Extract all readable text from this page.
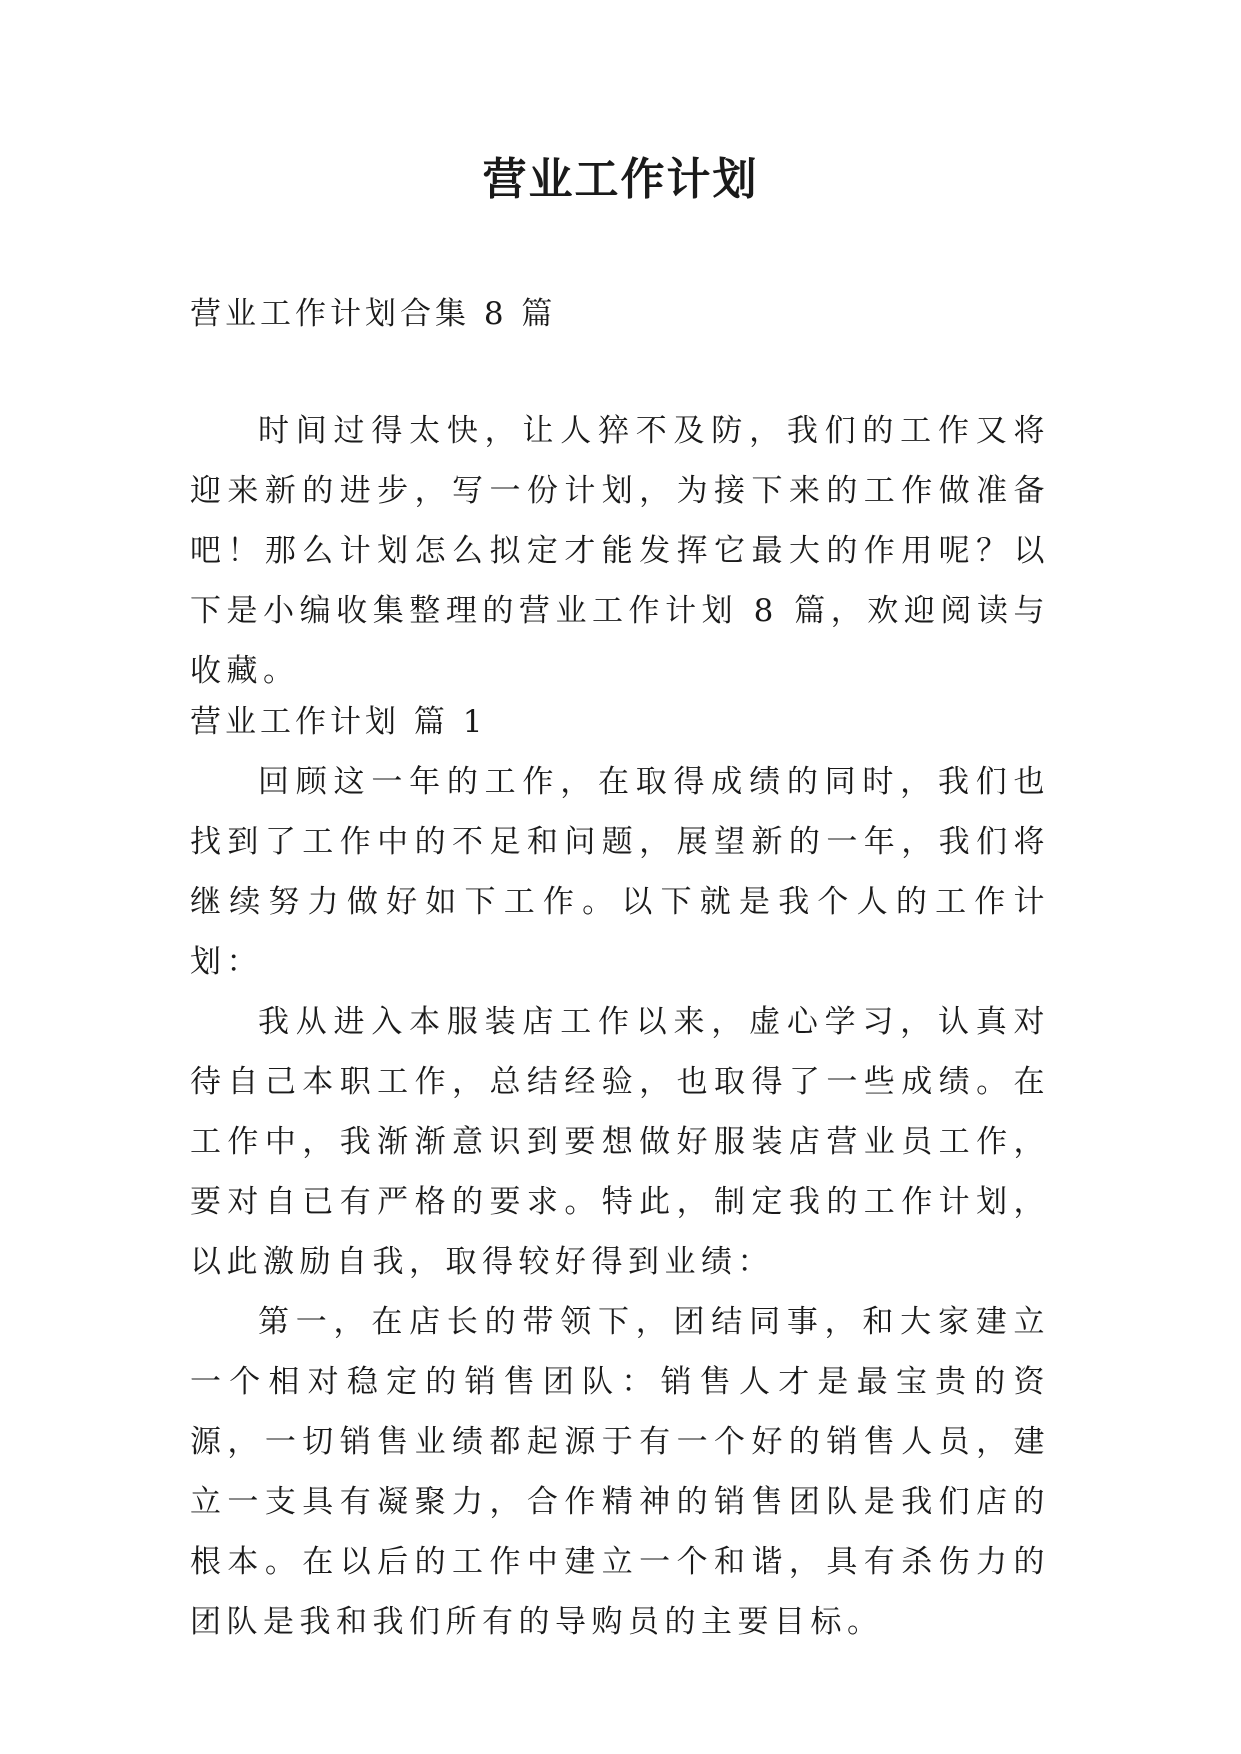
营业工作计划

营业工作计划合集 8 篇

时间过得太快，让人猝不及防，我们的工作又将迎来新的进步，写一份计划，为接下来的工作做准备吧！那么计划怎么拟定才能发挥它最大的作用呢？以下是小编收集整理的营业工作计划 8 篇，欢迎阅读与收藏。

营业工作计划 篇 1

回顾这一年的工作，在取得成绩的同时，我们也找到了工作中的不足和问题，展望新的一年，我们将继续努力做好如下工作。以下就是我个人的工作计划：

我从进入本服装店工作以来，虚心学习，认真对待自己本职工作，总结经验，也取得了一些成绩。在工作中，我渐渐意识到要想做好服装店营业员工作，要对自已有严格的要求。特此，制定我的工作计划，以此激励自我，取得较好得到业绩：

第一，在店长的带领下，团结同事，和大家建立一个相对稳定的销售团队：销售人才是最宝贵的资源，一切销售业绩都起源于有一个好的销售人员，建立一支具有凝聚力，合作精神的销售团队是我们店的根本。在以后的工作中建立一个和谐，具有杀伤力的团队是我和我们所有的导购员的主要目标。
